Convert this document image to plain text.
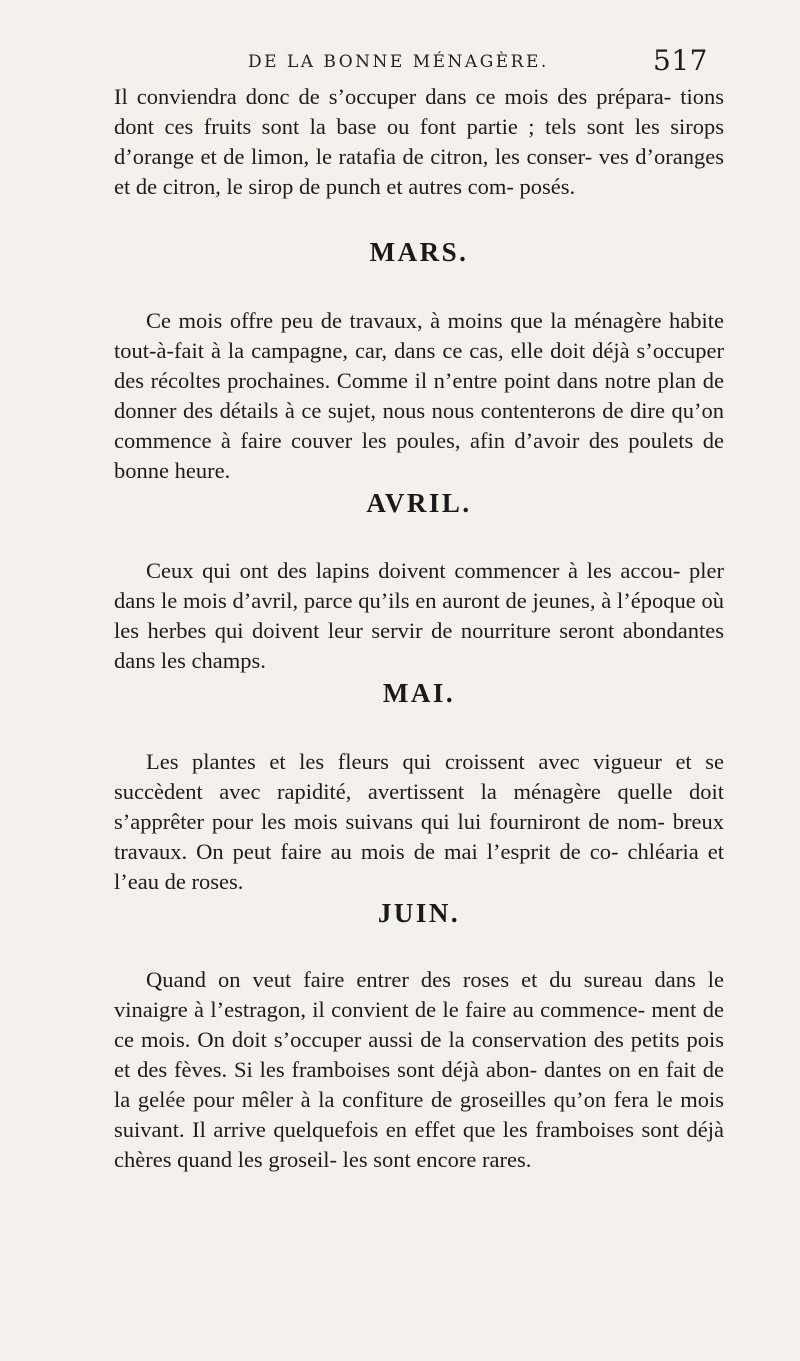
DE LA BONNE MÉNAGÈRE.	517

Il conviendra donc de s’occuper dans ce mois des prépara- tions dont ces fruits sont la base ou font partie ; tels sont les sirops d’orange et de limon, le ratafia de citron, les conser- ves d’oranges et de citron, le sirop de punch et autres com- posés.

MARS.

Ce mois offre peu de travaux, à moins que la ménagère habite tout-à-fait à la campagne, car, dans ce cas, elle doit déjà s’occuper des récoltes prochaines. Comme il n’entre point dans notre plan de donner des détails à ce sujet, nous nous contenterons de dire qu’on commence à faire couver les poules, afin d’avoir des poulets de bonne heure.

AVRIL.

Ceux qui ont des lapins doivent commencer à les accou- pler dans le mois d’avril, parce qu’ils en auront de jeunes, à l’époque où les herbes qui doivent leur servir de nourriture seront abondantes dans les champs.

MAI.

Les plantes et les fleurs qui croissent avec vigueur et se succèdent avec rapidité, avertissent la ménagère quelle doit s’apprêter pour les mois suivans qui lui fourniront de nom- breux travaux. On peut faire au mois de mai l’esprit de co- chléaria et l’eau de roses.

JUIN.

Quand on veut faire entrer des roses et du sureau dans le vinaigre à l’estragon, il convient de le faire au commence- ment de ce mois. On doit s’occuper aussi de la conservation des petits pois et des fèves. Si les framboises sont déjà abon- dantes on en fait de la gelée pour mêler à la confiture de groseilles qu’on fera le mois suivant. Il arrive quelquefois en effet que les framboises sont déjà chères quand les groseil- les sont encore rares.
